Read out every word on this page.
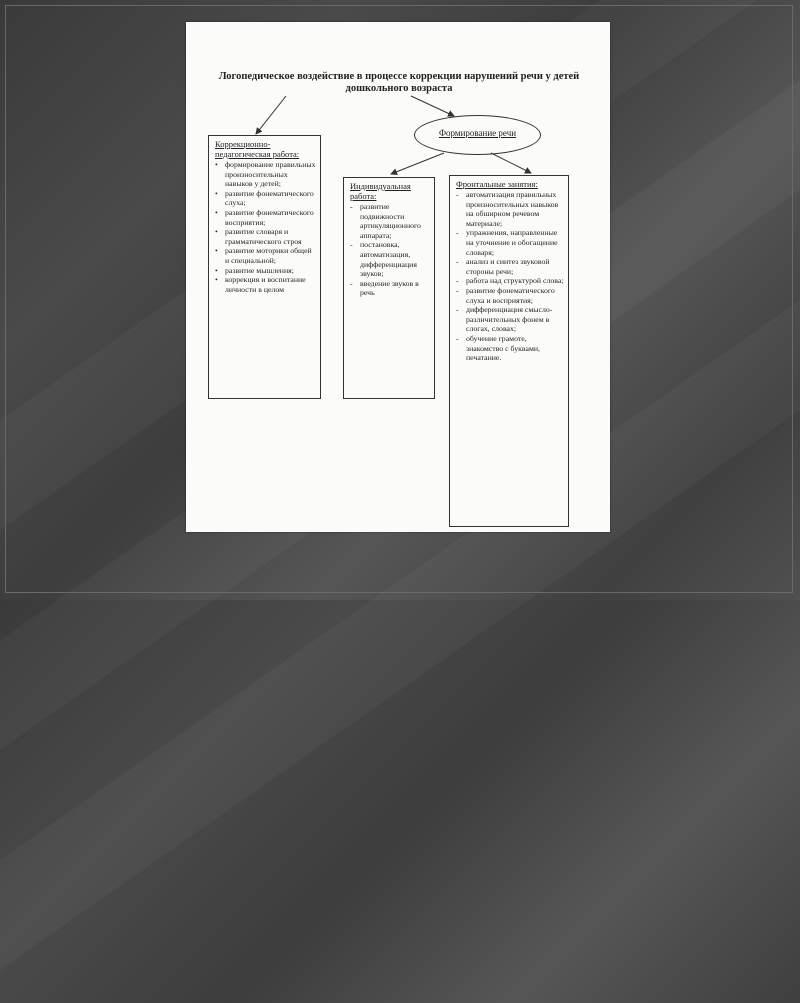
Логопедическое воздействие в процессе коррекции нарушений речи у детей дошкольного возраста
Формирование речи
Коррекционно-педагогическая работа:
• формирование правильных произносительных навыков у детей;
• развитие фонематического слуха;
• развитие фонематического восприятия;
• развитие словаря и грамматического строя
• развитие моторики общей и специальной;
• развитие мышления;
• коррекция и воспитание личности в целом
Индивидуальная работа:
- развитие подвижности артикуляционного аппарата;
- постановка, автоматизация, дифференциация звуков;
- введение звуков в речь
Фронтальные занятия:
- автоматизация правильных произносительных навыков на обширном речевом материале;
- упражнения, направленные на уточнение и обогащение словаря;
- анализ и синтез звуковой стороны речи;
- работа над структурой слова;
- развитие фонематического слуха и восприятия;
- дифференциация смысло-различительных фонем в слогах, словах;
- обучение грамоте, знакомство с буквами, печатание.
